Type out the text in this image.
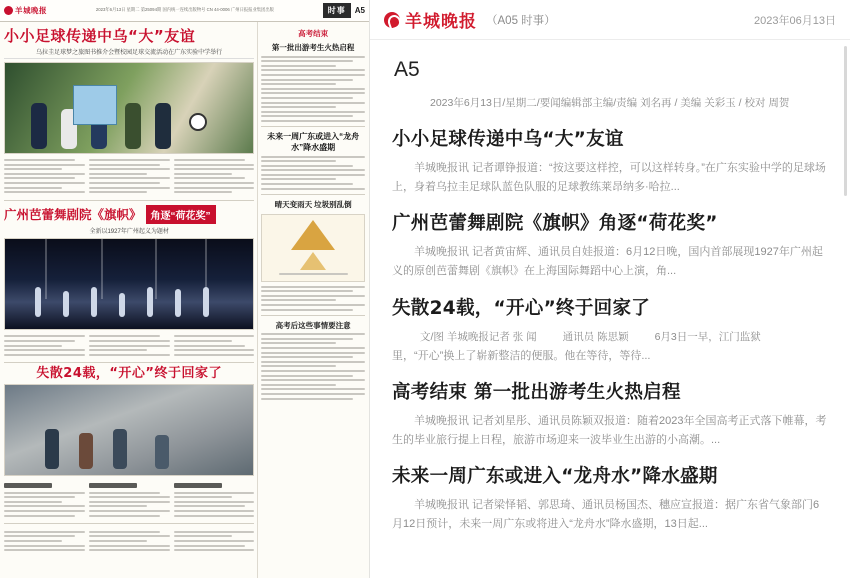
羊城晚报	2023年6月13日 星期二 第25094期 国内统一连续出版物号 CN 44-0006 广州日报报业集团出版	时事	A5
小小足球传递中乌“大”友谊
乌拉圭足球梦之旅图书推介会暨校园足球交流活动在广东实验中学举行
广州芭蕾舞剧院《旗帜》 角逐“荷花奖”
全新以1927年广州起义为题材
失散24载，“开心”终于回家了
高考结束
第一批出游考生火热启程
未来一周广东或进入“龙舟水”降水盛期
晴天变雨天 垃圾别乱倒
高考后这些事情要注意
羊城晚报 （A05 时事）	2023年06月13日
A5
2023年6月13日/星期二/要闻编辑部主编/责编 刘名再 / 美编 关彩玉 / 校对 周贺
小小足球传递中乌“大”友谊
羊城晚报讯 记者谭铮报道：“按这要这样控，可以这样转身。”在广东实验中学的足球场上，身着乌拉圭足球队蓝色队服的足球教练莱昂纳多·哈拉...
广州芭蕾舞剧院《旗帜》角逐“荷花奖”
羊城晚报讯 记者黄宙辉、通讯员自娃报道：6月12日晚，国内首部展现1927年广州起义的原创芭蕾舞剧《旗帜》在上海国际舞蹈中心上演，角...
失散24载，“开心”终于回家了
文/图 羊城晚报记者 张 闻 通讯员 陈思颖 6月3日一早，江门监狱
里，“开心”换上了崭新整洁的便服。他在等待，等待...
高考结束 第一批出游考生火热启程
羊城晚报讯 记者刘星彤、通讯员陈颖双报道：随着2023年全国高考正式落下帷幕，考生的毕业旅行提上日程，旅游市场迎来一波毕业生出游的小高潮。...
未来一周广东或进入“龙舟水”降水盛期
羊城晚报讯 记者梁怿韬、郭思琦、通讯员杨国杰、穗应宣报道：据广东省气象部门6月12日预计，未来一周广东或将进入“龙舟水”降水盛期，13日起...
